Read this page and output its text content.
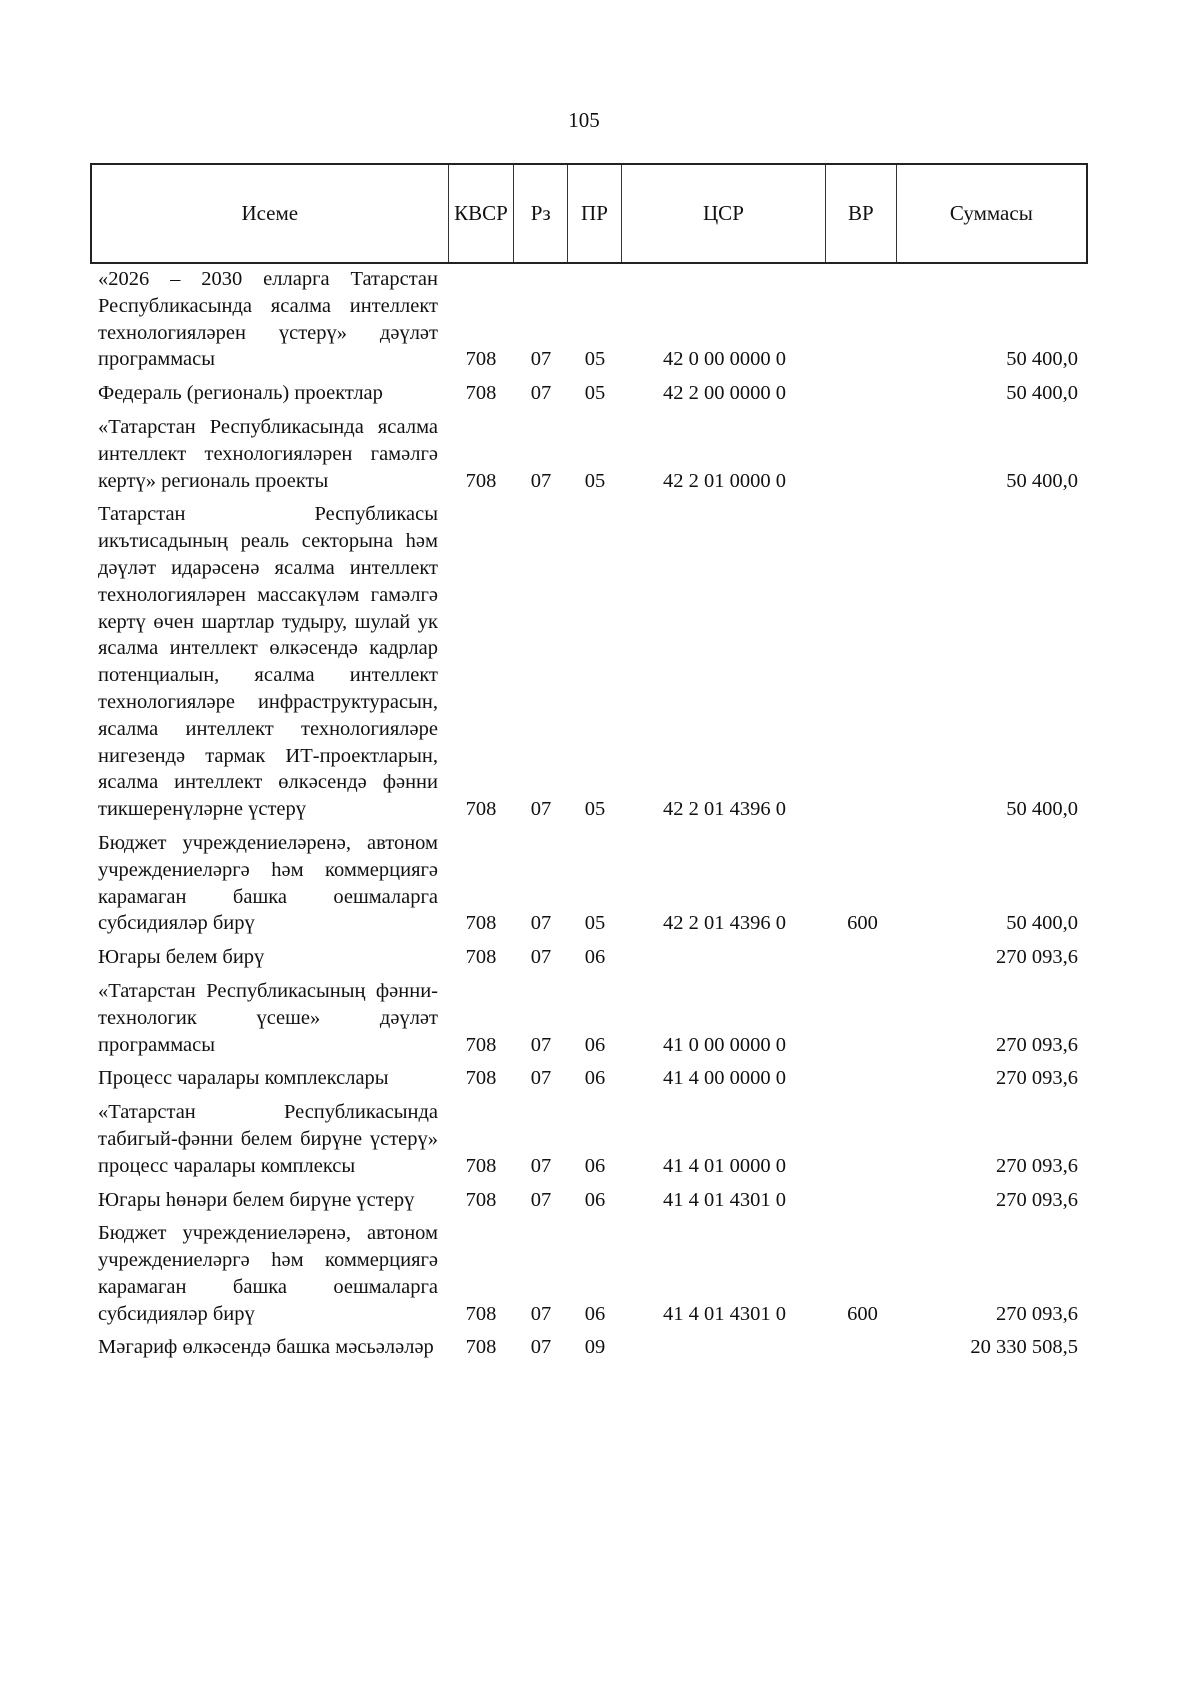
105
Исеме	КВСР	Рз	ПР	ЦСР	ВР	Суммасы
«2026 – 2030 елларга Татарстан Республикасында ясалма интеллект технологияләрен үстерү» дәүләт программасы	708	07	05	42 0 00 0000 0	50 400,0
Федераль (региональ) проектлар	708	07	05	42 2 00 0000 0	50 400,0
«Татарстан Республикасында ясалма интеллект технологияләрен гамәлгә кертү» региональ проекты	708	07	05	42 2 01 0000 0	50 400,0
Татарстан Республикасы икътисадының реаль секторына һәм дәүләт идарәсенә ясалма интеллект технологияләрен массакүләм гамәлгә кертү өчен шартлар тудыру, шулай ук ясалма интеллект өлкәсендә кадрлар потенциалын, ясалма интеллект технологияләре инфраструктурасын, ясалма интеллект технологияләре нигезендә тармак ИТ-проектларын, ясалма интеллект өлкәсендә фәнни тикшеренүләрне үстерү	708	07	05	42 2 01 4396 0	50 400,0
Бюджет учреждениеләренә, автоном учреждениеләргә һәм коммерциягә карамаган башка оешмаларга субсидияләр бирү	708	07	05	42 2 01 4396 0	600	50 400,0
Югары белем бирү	708	07	06	270 093,6
«Татарстан Республикасының фәнни-технологик үсеше» дәүләт программасы	708	07	06	41 0 00 0000 0	270 093,6
Процесс чаралары комплекслары	708	07	06	41 4 00 0000 0	270 093,6
«Татарстан Республикасында табигый-фәнни белем бирүне үстерү» процесс чаралары комплексы	708	07	06	41 4 01 0000 0	270 093,6
Югары һөнәри белем бирүне үстерү	708	07	06	41 4 01 4301 0	270 093,6
Бюджет учреждениеләренә, автоном учреждениеләргә һәм коммерциягә карамаган башка оешмаларга субсидияләр бирү	708	07	06	41 4 01 4301 0	600	270 093,6
Мәгариф өлкәсендә башка мәсьәләләр	708	07	09	20 330 508,5
